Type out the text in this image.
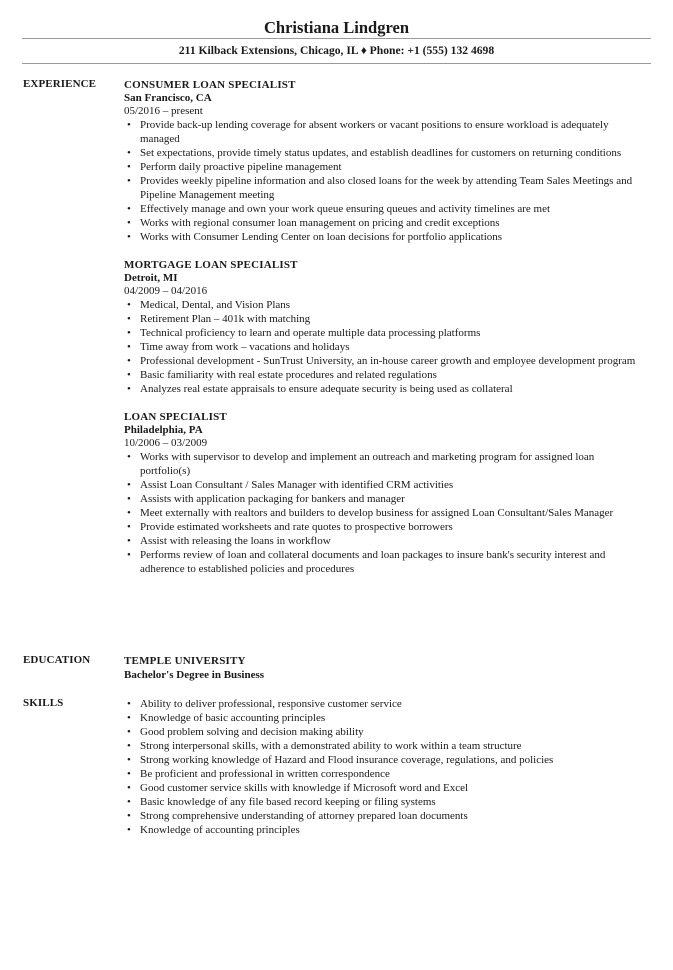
Christiana Lindgren
211 Kilback Extensions, Chicago, IL ♦ Phone: +1 (555) 132 4698
EXPERIENCE	CONSUMER LOAN SPECIALIST
San Francisco, CA
05/2016 – present
• Provide back-up lending coverage for absent workers or vacant positions to ensure workload is adequately managed
• Set expectations, provide timely status updates, and establish deadlines for customers on returning conditions
• Perform daily proactive pipeline management
• Provides weekly pipeline information and also closed loans for the week by attending Team Sales Meetings and Pipeline Management meeting
• Effectively manage and own your work queue ensuring queues and activity timelines are met
• Works with regional consumer loan management on pricing and credit exceptions
• Works with Consumer Lending Center on loan decisions for portfolio applications
MORTGAGE LOAN SPECIALIST
Detroit, MI
04/2009 – 04/2016
• Medical, Dental, and Vision Plans
• Retirement Plan – 401k with matching
• Technical proficiency to learn and operate multiple data processing platforms
• Time away from work – vacations and holidays
• Professional development - SunTrust University, an in-house career growth and employee development program
• Basic familiarity with real estate procedures and related regulations
• Analyzes real estate appraisals to ensure adequate security is being used as collateral
LOAN SPECIALIST
Philadelphia, PA
10/2006 – 03/2009
• Works with supervisor to develop and implement an outreach and marketing program for assigned loan portfolio(s)
• Assist Loan Consultant / Sales Manager with identified CRM activities
• Assists with application packaging for bankers and manager
• Meet externally with realtors and builders to develop business for assigned Loan Consultant/Sales Manager
• Provide estimated worksheets and rate quotes to prospective borrowers
• Assist with releasing the loans in workflow
• Performs review of loan and collateral documents and loan packages to insure bank's security interest and adherence to established policies and procedures
EDUCATION	TEMPLE UNIVERSITY
Bachelor's Degree in Business
SKILLS	• Ability to deliver professional, responsive customer service
• Knowledge of basic accounting principles
• Good problem solving and decision making ability
• Strong interpersonal skills, with a demonstrated ability to work within a team structure
• Strong working knowledge of Hazard and Flood insurance coverage, regulations, and policies
• Be proficient and professional in written correspondence
• Good customer service skills with knowledge if Microsoft word and Excel
• Basic knowledge of any file based record keeping or filing systems
• Strong comprehensive understanding of attorney prepared loan documents
• Knowledge of accounting principles
